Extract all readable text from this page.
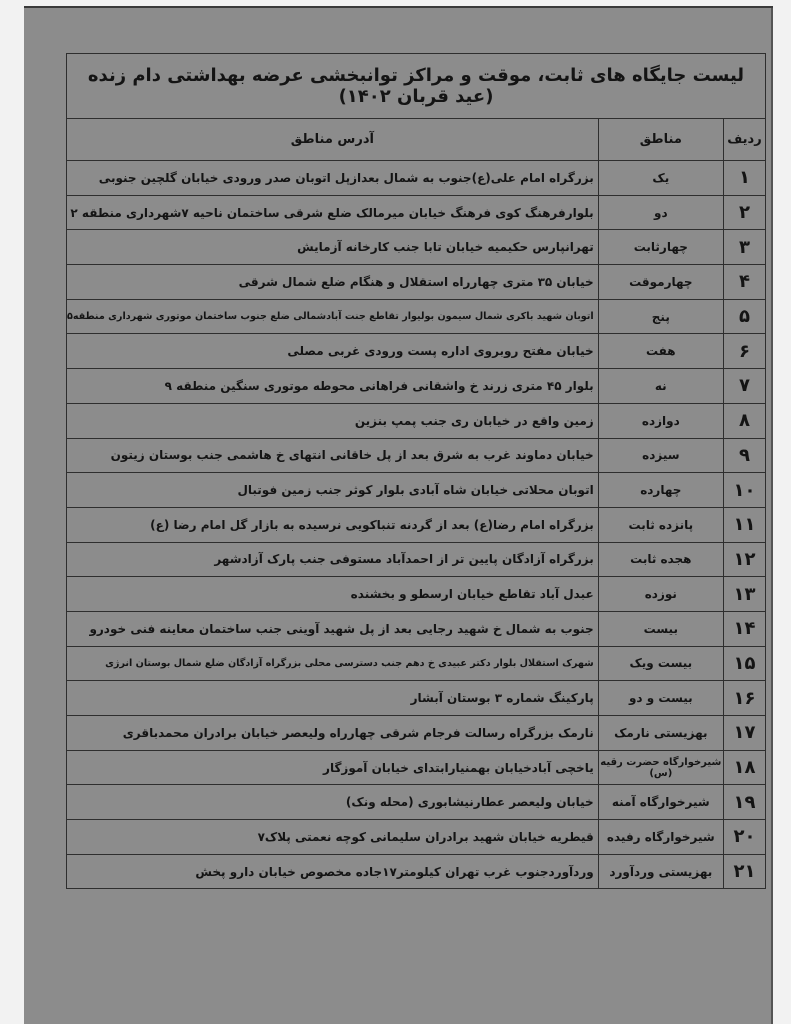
لیست جایگاه های ثابت، موقت و مراکز توانبخشی عرضه بهداشتی دام زنده (عید قربان ۱۴۰۲)		
ردیف	مناطق	آدرس مناطق
۱	یک	بزرگراه امام علی(ع)جنوب به شمال بعدازپل اتوبان صدر ورودی خیابان گلچین جنوبی
۲	دو	بلوارفرهنگ کوی فرهنگ خیابان میرمالک ضلع شرقی ساختمان ناحیه ۷شهرداری منطقه ۲
۳	چهارثابت	تهرانپارس حکیمیه خیابان تابا جنب کارخانه آزمایش
۴	چهارموقت	خیابان ۳۵ متری چهارراه استقلال و هنگام ضلع شمال شرقی
۵	پنج	اتوبان شهید باکری شمال سیمون بولیوار تقاطع جنت آبادشمالی ضلع جنوب ساختمان موتوری شهرداری منطقه۵
۶	هفت	خیابان مفتح روبروی اداره پست ورودی غربی مصلی
۷	نه	بلوار ۴۵ متری زرند خ واشقانی فراهانی محوطه موتوری سنگین منطقه ۹
۸	دوازده	زمین واقع در خیابان ری جنب پمپ بنزین
۹	سیزده	خیابان دماوند غرب به شرق بعد از پل خاقانی انتهای خ هاشمی جنب بوستان زیتون
۱۰	چهارده	اتوبان محلاتی خیابان شاه آبادی بلوار کوثر جنب زمین فوتبال
۱۱	پانزده ثابت	بزرگراه امام رضا(ع) بعد از گردنه تنباکویی نرسیده به بازار گل امام رضا (ع)
۱۲	هجده ثابت	بزرگراه آزادگان پایین تر از احمدآباد مستوفی جنب پارک آزادشهر
۱۳	نوزده	عبدل آباد تقاطع خیابان ارسطو و بخشنده
۱۴	بیست	جنوب به شمال خ شهید رجایی بعد از پل شهید آوینی جنب ساختمان معاینه فنی خودرو
۱۵	بیست ویک	شهرک استقلال بلوار دکتر عبیدی خ دهم جنب دسترسی محلی بزرگراه آزادگان ضلع شمال بوستان انرژی
۱۶	بیست و دو	پارکینگ شماره ۳ بوستان آبشار
۱۷	بهزیستی نارمک	نارمک بزرگراه رسالت فرجام شرقی چهارراه ولیعصر خیابان برادران محمدباقری
۱۸	شیرخوارگاه حضرت رقیه (س)	یاخچی آبادخیابان بهمنیارابتدای خیابان آموزگار
۱۹	شیرخوارگاه آمنه	خیابان ولیعصر عطارنیشابوری (محله ونک)
۲۰	شیرخوارگاه رفیده	قیطریه خیابان شهید برادران سلیمانی کوچه نعمتی پلاک۷
۲۱	بهزیستی وردآورد	وردآوردجنوب غرب تهران کیلومتر۱۷جاده مخصوص خیابان دارو پخش
